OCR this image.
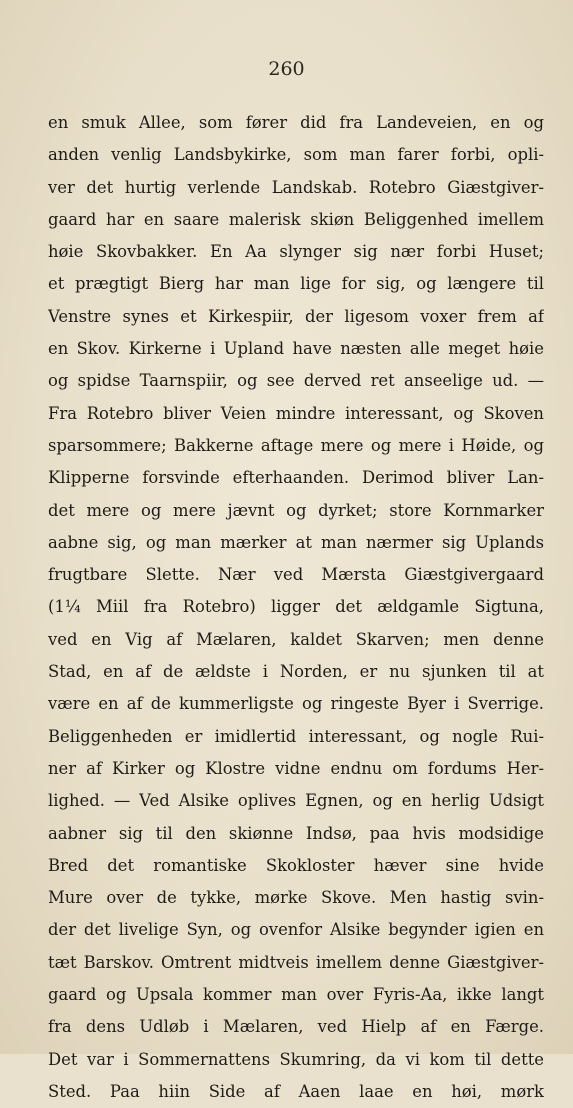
260
en smuk Allee, som fører did fra Landeveien, en og
anden venlig Landsbykirke, som man farer forbi, opli-
ver det hurtig verlende Landskab. Rotebro Giæstgiver-
gaard har en saare malerisk skiøn Beliggenhed imellem
høie Skovbakker. En Aa slynger sig nær forbi Huset;
et prægtigt Bierg har man lige for sig, og længere til
Venstre synes et Kirkespiir, der ligesom voxer frem af
en Skov. Kirkerne i Upland have næsten alle meget høie
og spidse Taarnspiir, og see derved ret anseelige ud. —
Fra Rotebro bliver Veien mindre interessant, og Skoven
sparsommere; Bakkerne aftage mere og mere i Høide, og
Klipperne forsvinde efterhaanden. Derimod bliver Lan-
det mere og mere jævnt og dyrket; store Kornmarker
aabne sig, og man mærker at man nærmer sig Uplands
frugtbare Slette. Nær ved Mærsta Giæstgivergaard
(1¼ Miil fra Rotebro) ligger det ældgamle Sigtuna,
ved en Vig af Mælaren, kaldet Skarven; men denne
Stad, en af de ældste i Norden, er nu sjunken til at
være en af de kummerligste og ringeste Byer i Sverrige.
Beliggenheden er imidlertid interessant, og nogle Rui-
ner af Kirker og Klostre vidne endnu om fordums Her-
lighed. — Ved Alsike oplives Egnen, og en herlig Udsigt
aabner sig til den skiønne Indsø, paa hvis modsidige
Bred det romantiske Skokloster hæver sine hvide
Mure over de tykke, mørke Skove. Men hastig svin-
der det livelige Syn, og ovenfor Alsike begynder igien en
tæt Barskov. Omtrent midtveis imellem denne Giæstgiver-
gaard og Upsala kommer man over Fyris-Aa, ikke langt
fra dens Udløb i Mælaren, ved Hielp af en Færge.
Det var i Sommernattens Skumring, da vi kom til dette
Sted. Paa hiin Side af Aaen laae en høi, mørk
